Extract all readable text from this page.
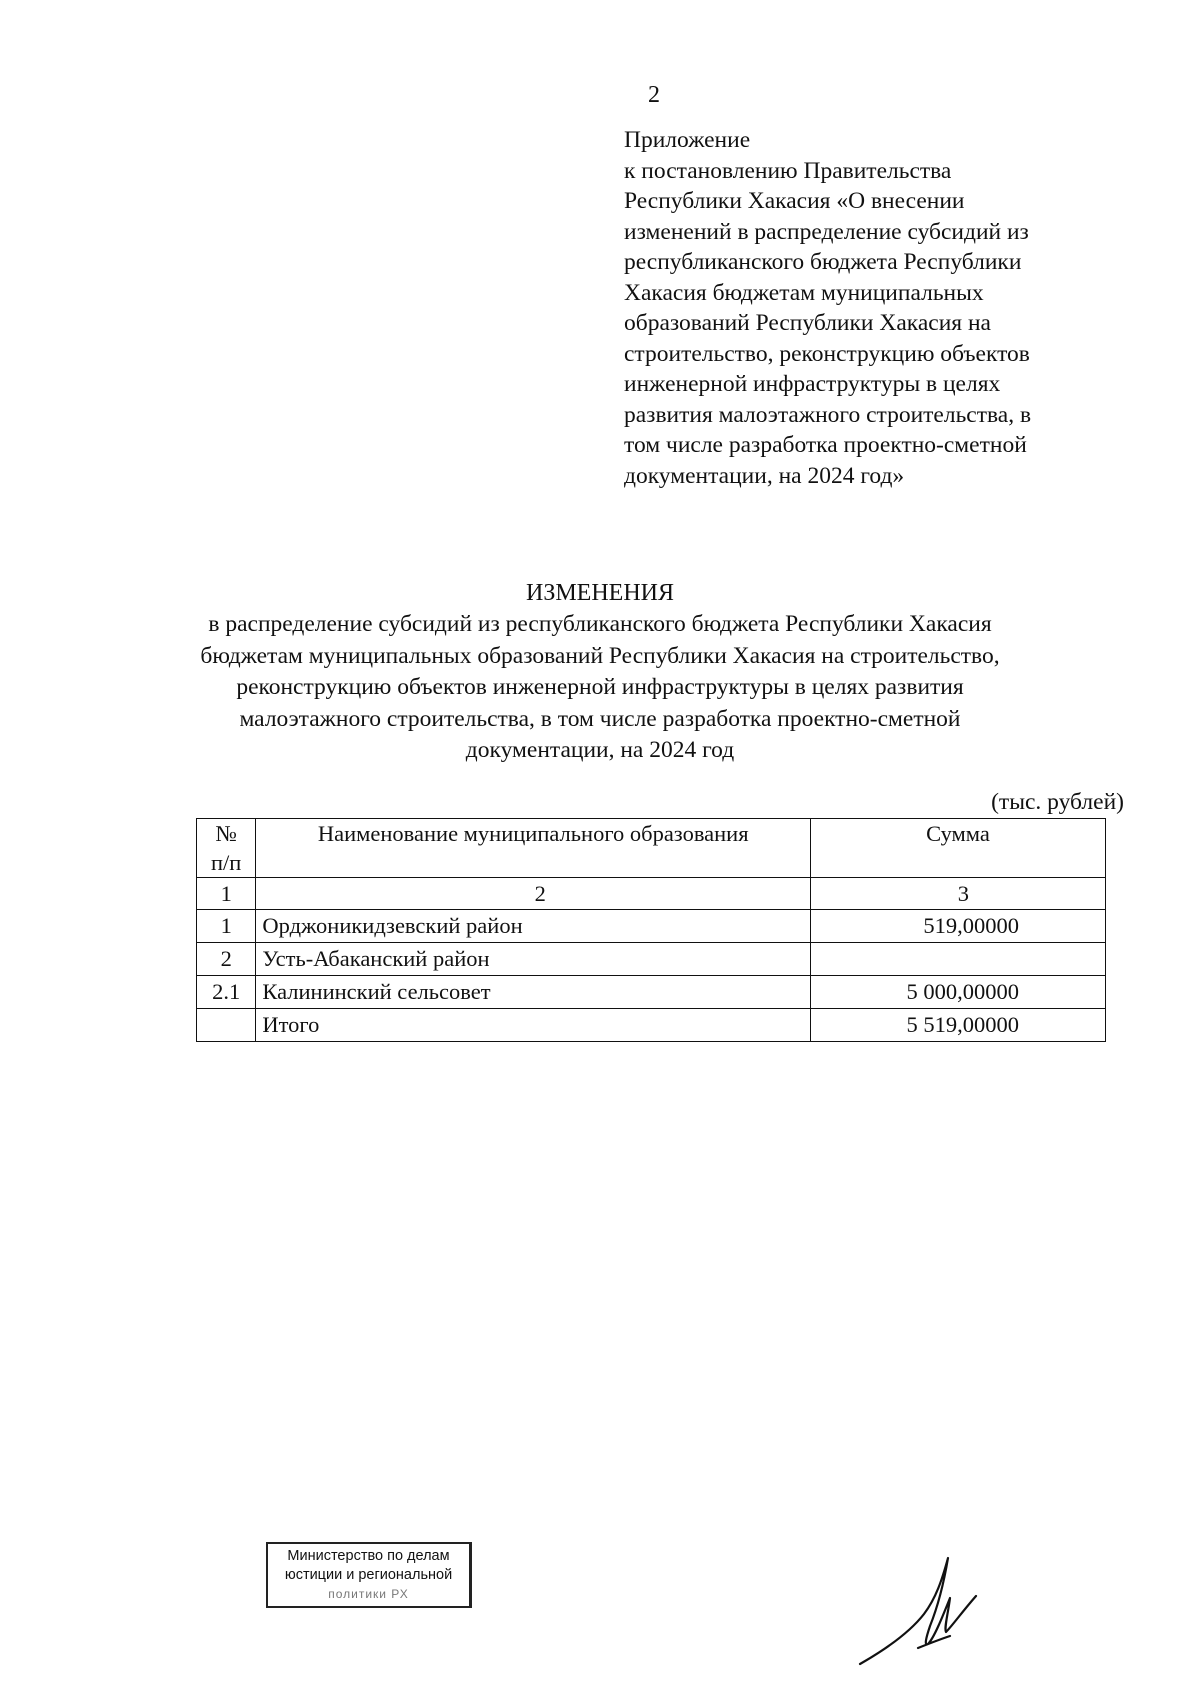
2
Приложение
к постановлению Правительства
Республики Хакасия «О внесении
изменений в распределение субсидий из
республиканского бюджета Республики
Хакасия бюджетам муниципальных
образований Республики Хакасия на
строительство, реконструкцию объектов
инженерной инфраструктуры в целях
развития малоэтажного строительства, в
том числе разработка проектно-сметной
документации, на 2024 год»
ИЗМЕНЕНИЯ
в распределение субсидий из республиканского бюджета Республики Хакасия
бюджетам муниципальных образований Республики Хакасия на строительство,
реконструкцию объектов инженерной инфраструктуры в целях развития
малоэтажного строительства, в том числе разработка проектно-сметной
документации, на 2024 год
(тыс. рублей)
№
п/п	Наименование муниципального образования	Сумма
1	2	3
1	Орджоникидзевский район	519,00000
2	Усть-Абаканский район	
2.1	Калининский сельсовет	5 000,00000
	Итого	5 519,00000
Министерство по делам
юстиции и региональной
политики РХ
